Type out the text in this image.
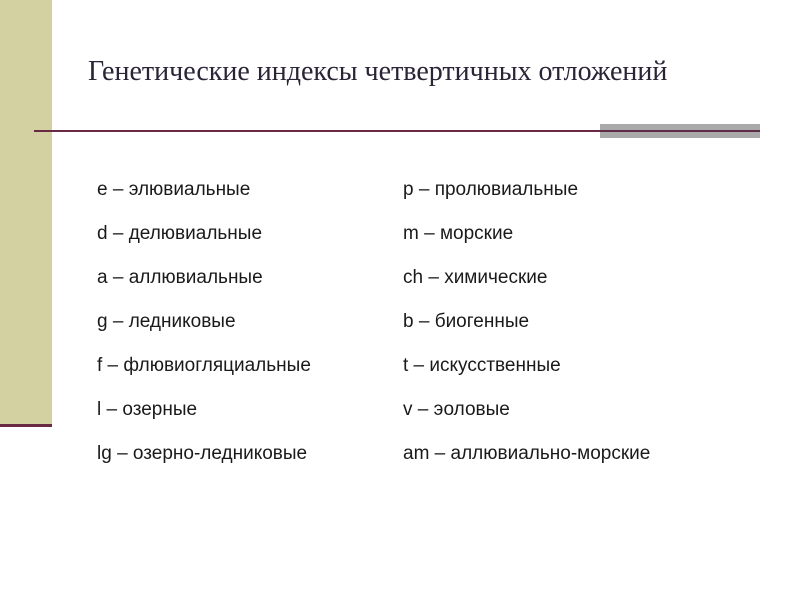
Генетические индексы четвертичных отложений
e – элювиальные
d – делювиальные
a – аллювиальные
g – ледниковые
f – флювиогляциальные
l – озерные
lg – озерно-ледниковые
p – пролювиальные
m – морские
ch – химические
b – биогенные
t – искусственные
v – эоловые
am – аллювиально-морские
